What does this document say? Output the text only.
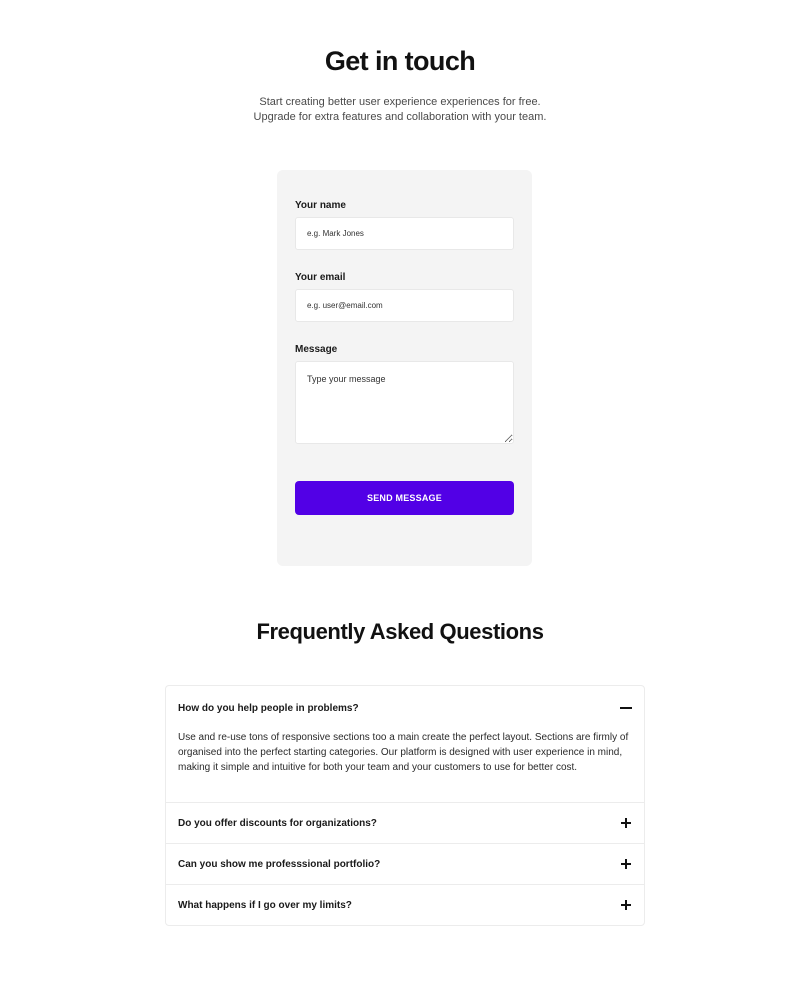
Get in touch

Start creating better user experience experiences for free.
Upgrade for extra features and collaboration with your team.

Your name
e.g. Mark Jones
Your email
e.g. user@email.com
Message
Type your message
SEND MESSAGE
Frequently Asked Questions
How do you help people in problems?
Use and re-use tons of responsive sections too a main create the perfect layout. Sections are firmly of organised into the perfect starting categories. Our platform is designed with user experience in mind, making it simple and intuitive for both your team and your customers to use for better cost.
Do you offer discounts for organizations?
Can you show me professsional portfolio?
What happens if I go over my limits?
